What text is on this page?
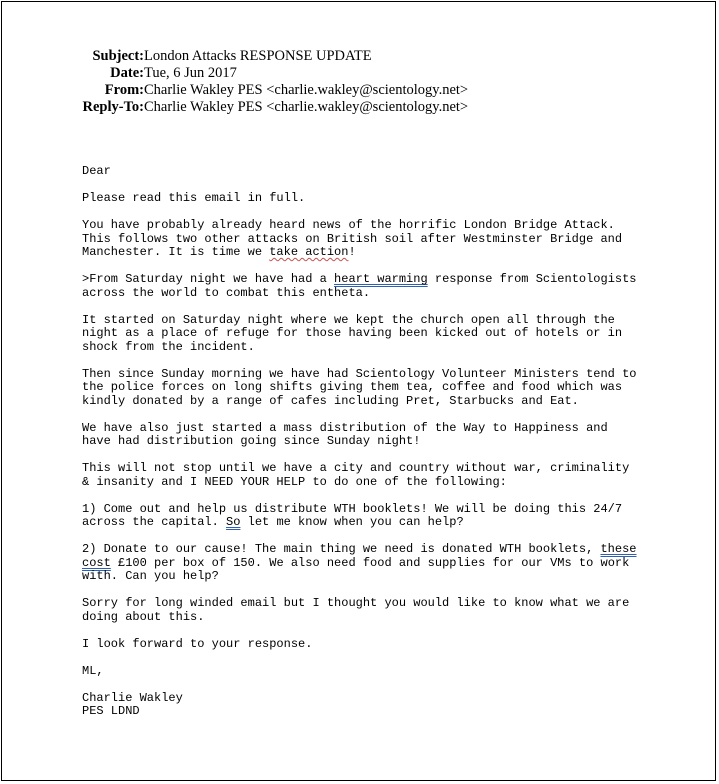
Subject: London Attacks RESPONSE UPDATE
Date: Tue, 6 Jun 2017
From: Charlie Wakley PES <charlie.wakley@scientology.net>
Reply-To: Charlie Wakley PES <charlie.wakley@scientology.net>
Dear
Please read this email in full.
You have probably already heard news of the horrific London Bridge Attack.
This follows two other attacks on British soil after Westminster Bridge and
Manchester. It is time we take action!
>From Saturday night we have had a heart warming response from Scientologists
across the world to combat this entheta.
It started on Saturday night where we kept the church open all through the
night as a place of refuge for those having been kicked out of hotels or in
shock from the incident.
Then since Sunday morning we have had Scientology Volunteer Ministers tend to
the police forces on long shifts giving them tea, coffee and food which was
kindly donated by a range of cafes including Pret, Starbucks and Eat.
We have also just started a mass distribution of the Way to Happiness and
have had distribution going since Sunday night!
This will not stop until we have a city and country without war, criminality
& insanity and I NEED YOUR HELP to do one of the following:
1) Come out and help us distribute WTH booklets! We will be doing this 24/7
across the capital. So let me know when you can help?
2) Donate to our cause! The main thing we need is donated WTH booklets, these
cost £100 per box of 150. We also need food and supplies for our VMs to work
with. Can you help?
Sorry for long winded email but I thought you would like to know what we are
doing about this.
I look forward to your response.
ML,
Charlie Wakley
PES LDND
